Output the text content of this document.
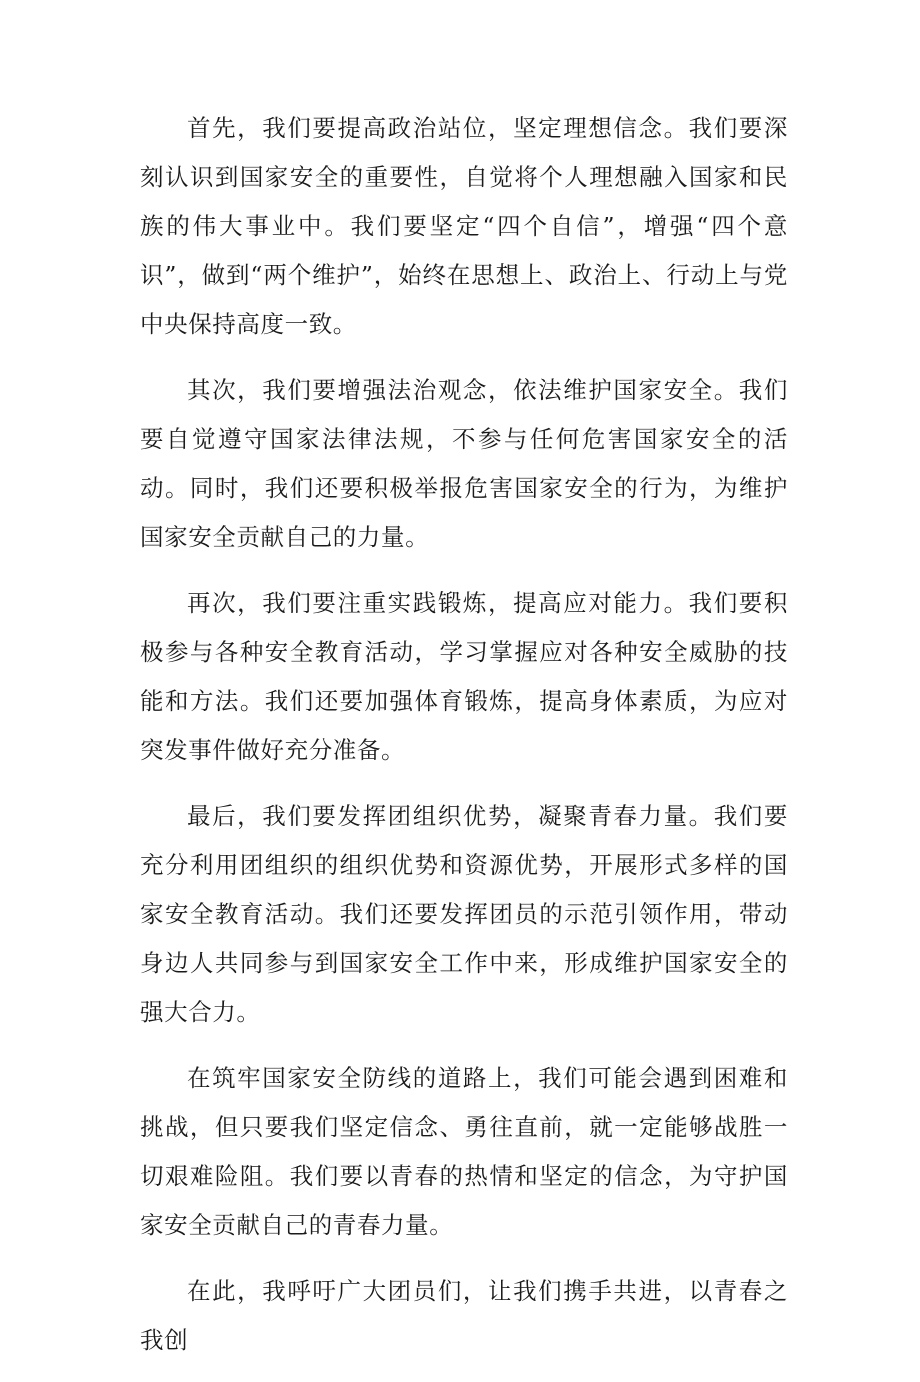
首先，我们要提高政治站位，坚定理想信念。我们要深刻认识到国家安全的重要性，自觉将个人理想融入国家和民族的伟大事业中。我们要坚定“四个自信”，增强“四个意识”，做到“两个维护”，始终在思想上、政治上、行动上与党中央保持高度一致。

其次，我们要增强法治观念，依法维护国家安全。我们要自觉遵守国家法律法规，不参与任何危害国家安全的活动。同时，我们还要积极举报危害国家安全的行为，为维护国家安全贡献自己的力量。

再次，我们要注重实践锻炼，提高应对能力。我们要积极参与各种安全教育活动，学习掌握应对各种安全威胁的技能和方法。我们还要加强体育锻炼，提高身体素质，为应对突发事件做好充分准备。

最后，我们要发挥团组织优势，凝聚青春力量。我们要充分利用团组织的组织优势和资源优势，开展形式多样的国家安全教育活动。我们还要发挥团员的示范引领作用，带动身边人共同参与到国家安全工作中来，形成维护国家安全的强大合力。

在筑牢国家安全防线的道路上，我们可能会遇到困难和挑战，但只要我们坚定信念、勇往直前，就一定能够战胜一切艰难险阻。我们要以青春的热情和坚定的信念，为守护国家安全贡献自己的青春力量。

在此，我呼吁广大团员们，让我们携手共进，以青春之我创
